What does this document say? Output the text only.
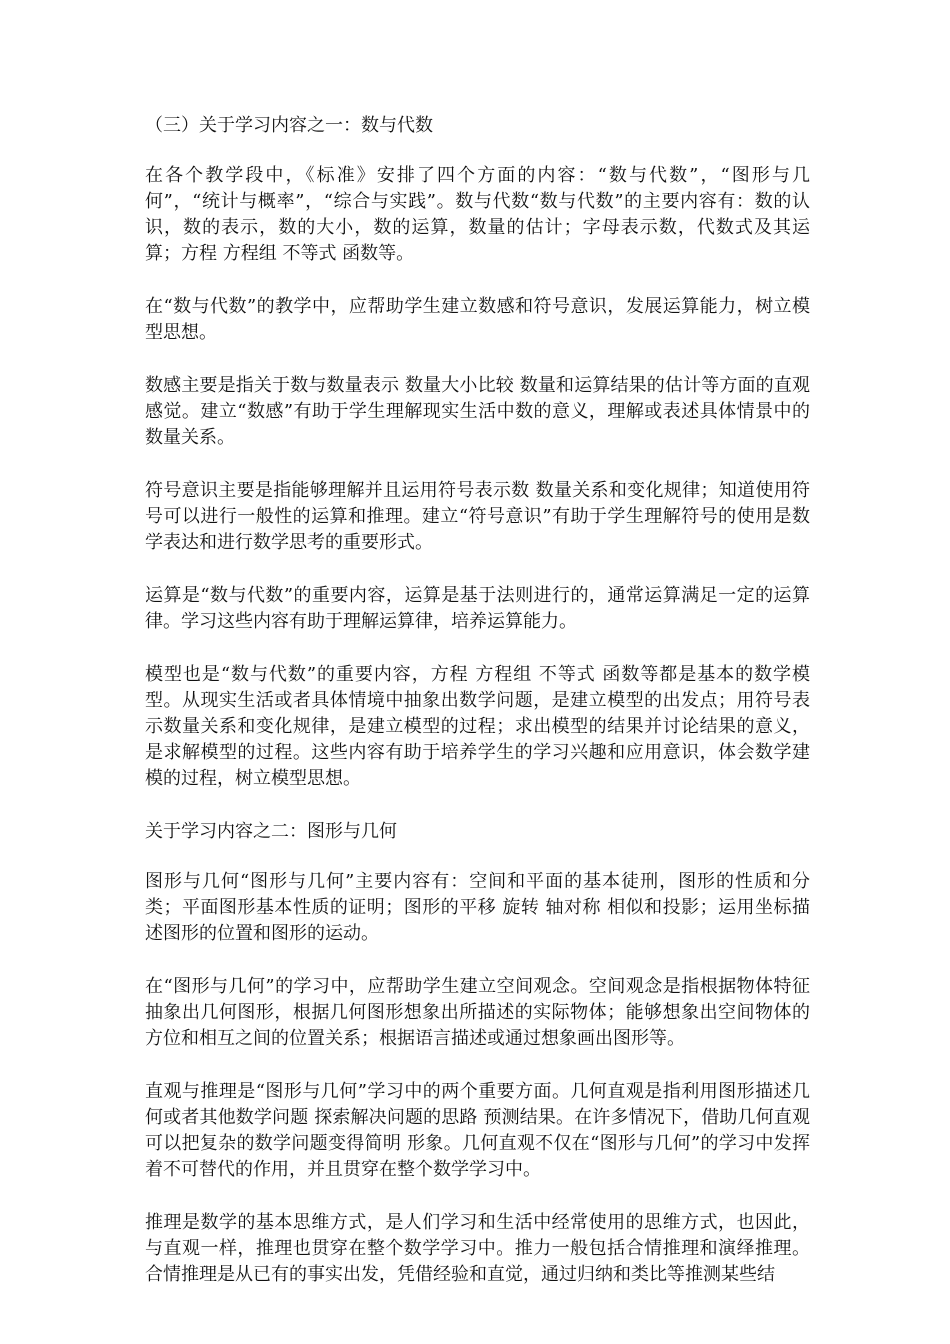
（三）关于学习内容之一：数与代数

在各个教学段中，《标准》安排了四个方面的内容：“数与代数”，“图形与几何”，“统计与概率”，“综合与实践”。数与代数“数与代数”的主要内容有：数的认识，数的表示，数的大小，数的运算，数量的估计；字母表示数，代数式及其运算；方程 方程组 不等式 函数等。

在“数与代数”的教学中，应帮助学生建立数感和符号意识，发展运算能力，树立模型思想。

数感主要是指关于数与数量表示 数量大小比较 数量和运算结果的估计等方面的直观感觉。建立“数感”有助于学生理解现实生活中数的意义，理解或表述具体情景中的数量关系。

符号意识主要是指能够理解并且运用符号表示数 数量关系和变化规律；知道使用符号可以进行一般性的运算和推理。建立“符号意识”有助于学生理解符号的使用是数学表达和进行数学思考的重要形式。

运算是“数与代数”的重要内容，运算是基于法则进行的，通常运算满足一定的运算律。学习这些内容有助于理解运算律，培养运算能力。

模型也是“数与代数”的重要内容，方程 方程组 不等式 函数等都是基本的数学模型。从现实生活或者具体情境中抽象出数学问题，是建立模型的出发点；用符号表示数量关系和变化规律，是建立模型的过程；求出模型的结果并讨论结果的意义，是求解模型的过程。这些内容有助于培养学生的学习兴趣和应用意识，体会数学建模的过程，树立模型思想。

关于学习内容之二：图形与几何

图形与几何“图形与几何”主要内容有：空间和平面的基本徒刑，图形的性质和分类；平面图形基本性质的证明；图形的平移 旋转 轴对称 相似和投影；运用坐标描述图形的位置和图形的运动。

在“图形与几何”的学习中，应帮助学生建立空间观念。空间观念是指根据物体特征抽象出几何图形，根据几何图形想象出所描述的实际物体；能够想象出空间物体的方位和相互之间的位置关系；根据语言描述或通过想象画出图形等。

直观与推理是“图形与几何”学习中的两个重要方面。几何直观是指利用图形描述几何或者其他数学问题 探索解决问题的思路 预测结果。在许多情况下，借助几何直观可以把复杂的数学问题变得简明 形象。几何直观不仅在“图形与几何”的学习中发挥着不可替代的作用，并且贯穿在整个数学学习中。

推理是数学的基本思维方式，是人们学习和生活中经常使用的思维方式，也因此，与直观一样，推理也贯穿在整个数学学习中。推力一般包括合情推理和演绎推理。合情推理是从已有的事实出发，凭借经验和直觉，通过归纳和类比等推测某些结
